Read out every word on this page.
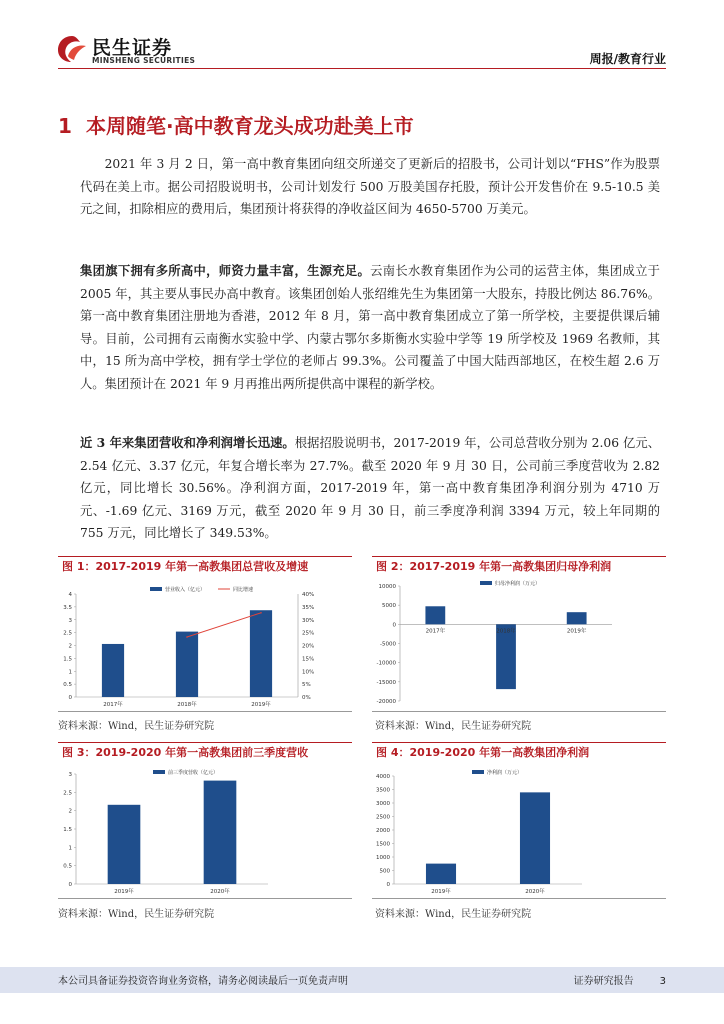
民生证券
MINSHENG SECURITIES	周报/教育行业
1 本周随笔·高中教育龙头成功赴美上市

2021 年 3 月 2 日，第一高中教育集团向纽交所递交了更新后的招股书，公司计划以“FHS”作为股票代码在美上市。据公司招股说明书，公司计划发行 500 万股美国存托股，预计公开发售价在 9.5-10.5 美元之间，扣除相应的费用后，集团预计将获得的净收益区间为 4650-5700 万美元。

集团旗下拥有多所高中，师资力量丰富，生源充足。云南长水教育集团作为公司的运营主体，集团成立于 2005 年，其主要从事民办高中教育。该集团创始人张绍维先生为集团第一大股东，持股比例达 86.76%。第一高中教育集团注册地为香港，2012 年 8 月，第一高中教育集团成立了第一所学校，主要提供课后辅导。目前，公司拥有云南衡水实验中学、内蒙古鄂尔多斯衡水实验中学等 19 所学校及 1969 名教师，其中，15 所为高中学校，拥有学士学位的老师占 99.3%。公司覆盖了中国大陆西部地区，在校生超 2.6 万人。集团预计在 2021 年 9 月再推出两所提供高中课程的新学校。

近 3 年来集团营收和净利润增长迅速。根据招股说明书，2017-2019 年，公司总营收分别为 2.06 亿元、2.54 亿元、3.37 亿元，年复合增长率为 27.7%。截至 2020 年 9 月 30 日，公司前三季度营收为 2.82 亿元，同比增长 30.56%。净利润方面，2017-2019 年，第一高中教育集团净利润分别为 4710 万元、-1.69 亿元、3169 万元，截至 2020 年 9 月 30 日，前三季度净利润 3394 万元，较上年同期的 755 万元，同比增长了 349.53%。

图 1：2017-2019 年第一高教集团总营收及增速
0
0.5
1
1.5
2
2.5
3
3.5
4
2017年	2018年	2019年
营业收入（亿元）
0%
5%
10%
15%
20%
25%
30%
35%
40%
同比增速
资料来源：Wind，民生证券研究院
图 2：2017-2019 年第一高教集团归母净利润
10000
5000
0
-5000
-10000
-15000
-20000
2017年	2018年	2019年
归母净利润（万元）
资料来源：Wind，民生证券研究院
图 3：2019-2020 年第一高教集团前三季度营收
0
0.5
1
1.5
2
2.5
3
2019年	2020年
前三季度营收（亿元）
资料来源：Wind，民生证券研究院
图 4：2019-2020 年第一高教集团净利润
0
500
1000
1500
2000
2500
3000
3500
4000
2019年	2020年
净利润（万元）
资料来源：Wind，民生证券研究院
本公司具备证券投资咨询业务资格，请务必阅读最后一页免责声明	证券研究报告	3
